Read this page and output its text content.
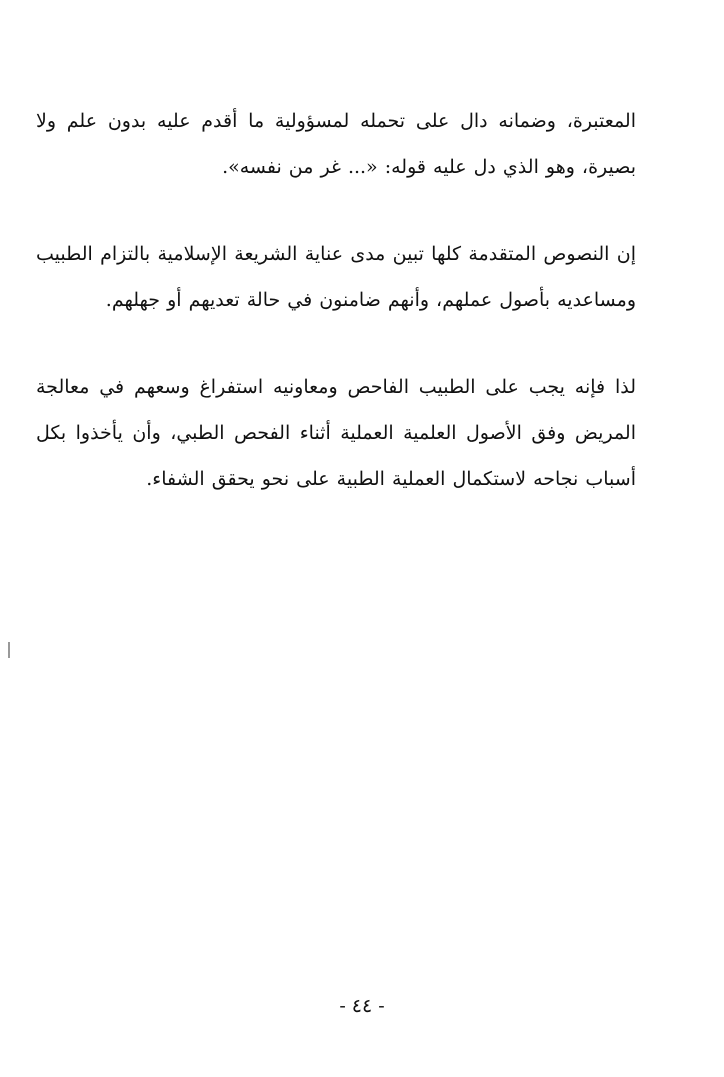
المعتبرة، وضمانه دال على تحمله لمسؤولية ما أقدم عليه بدون علم ولا بصيرة، وهو الذي دل عليه قوله: «... غر من نفسه».

إن النصوص المتقدمة كلها تبين مدى عناية الشريعة الإسلامية بالتزام الطبيب ومساعديه بأصول عملهم، وأنهم ضامنون في حالة تعديهم أو جهلهم.

لذا فإنه يجب على الطبيب الفاحص ومعاونيه استفراغ وسعهم في معالجة المريض وفق الأصول العلمية العملية أثناء الفحص الطبي، وأن يأخذوا بكل أسباب نجاحه لاستكمال العملية الطبية على نحو يحقق الشفاء.

- ٤٤ -
